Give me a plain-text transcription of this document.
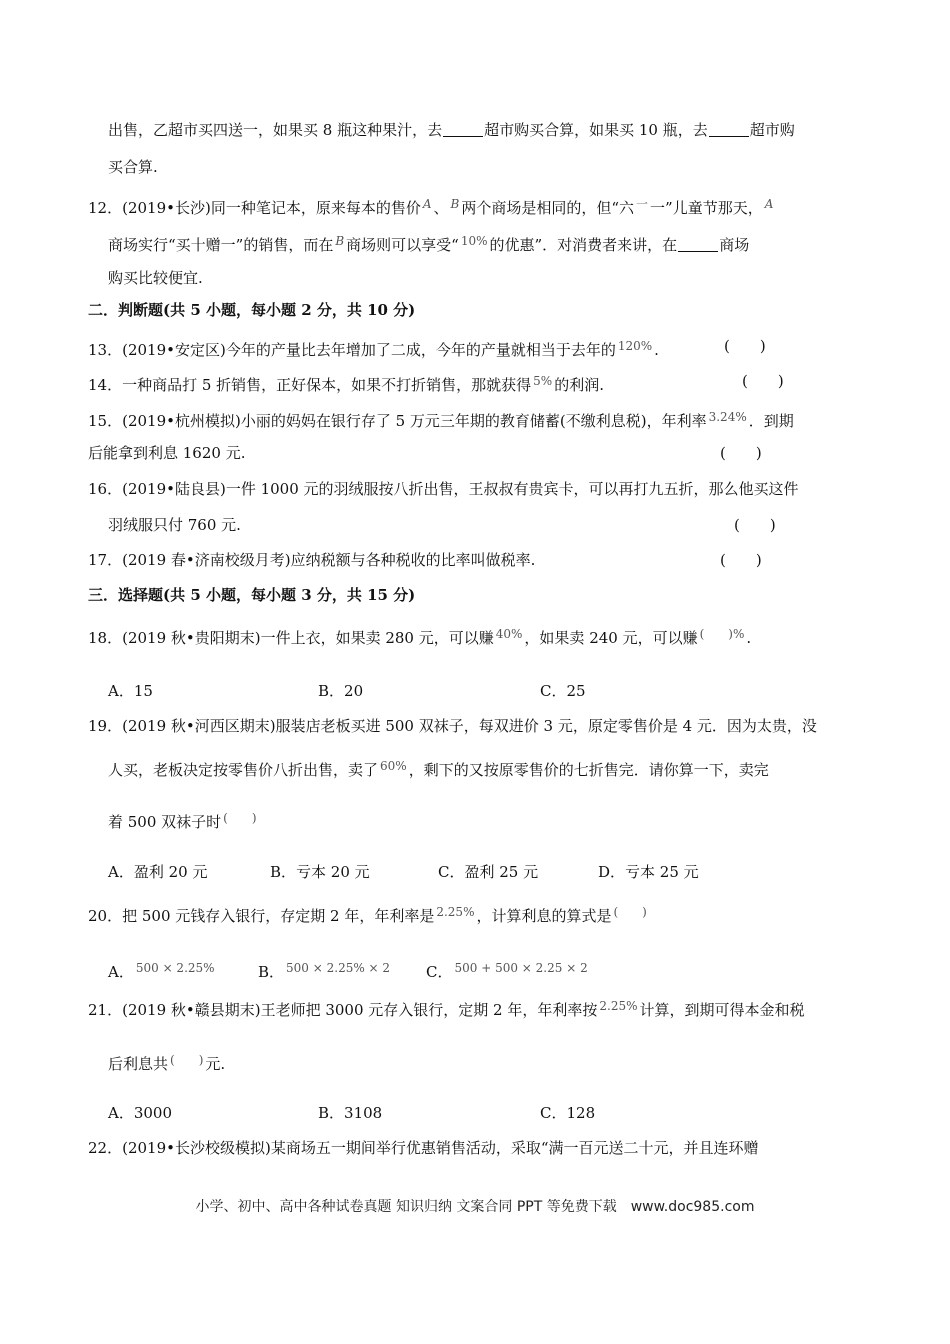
出售，乙超市买四送一，如果买 8 瓶这种果汁，去	超市购买合算，如果买 10 瓶，去	超市购
买合算.
12．(2019•长沙)同一种笔记本，原来每本的售价 $^A$ 、 $^B$ 两个商场是相同的，但“六 $^一$ 一”儿童节那天， $^A$
商场实行“买十赠一”的销售，而在 $^B$ 商场则可以享受“ $^{10\%}$ 的优惠”．对消费者来讲，在	商场
购买比较便宜.
二．判断题(共 5 小题，每小题 2 分，共 10 分)
13．(2019•安定区)今年的产量比去年增加了二成，今年的产量就相当于去年的 $^{120\%}$ .	(　　)
14．一种商品打 5 折销售，正好保本，如果不打折销售，那就获得 $^{5\%}$ 的利润.	(　　)
15．(2019•杭州模拟)小丽的妈妈在银行存了 5 万元三年期的教育储蓄(不缴利息税)，年利率 $^{3.24\%}$ ．到期
后能拿到利息 1620 元.	(　　)
16．(2019•陆良县)一件 1000 元的羽绒服按八折出售，王叔叔有贵宾卡，可以再打九五折，那么他买这件
羽绒服只付 760 元.	(　　)
17．(2019 春•济南校级月考)应纳税额与各种税收的比率叫做税率.	(　　)
三．选择题(共 5 小题，每小题 3 分，共 15 分)
18．(2019 秋•贵阳期末)一件上衣，如果卖 280 元，可以赚 $^{40\%}$ ，如果卖 240 元，可以赚 (　　)% .
A．15	B．20	C．25
19．(2019 秋•河西区期末)服装店老板买进 500 双袜子，每双进价 3 元，原定零售价是 4 元．因为太贵，没
人买，老板决定按零售价八折出售，卖了 $^{60\%}$ ，剩下的又按原零售价的七折售完．请你算一下，卖完
着 500 双袜子时 (　　)
A．盈利 20 元	B．亏本 20 元	C．盈利 25 元	D．亏本 25 元
20．把 500 元钱存入银行，存定期 2 年，年利率是 $^{2.25\%}$ ，计算利息的算式是 (　　)
A． $^{500 \times 2.25\%}$	B． $^{500 \times 2.25\% \times 2}$ C． $^{500 + 500 \times 2.25 \times 2}$
21．(2019 秋•赣县期末)王老师把 3000 元存入银行，定期 2 年，年利率按 $^{2.25\%}$ 计算，到期可得本金和税
后利息共 (　　) 元.
A．3000	B．3108	C．128
22．(2019•长沙校级模拟)某商场五一期间举行优惠销售活动，采取“满一百元送二十元，并且连环赠
小学、初中、高中各种试卷真题 知识归纳 文案合同 PPT 等免费下载　www.doc985.com
